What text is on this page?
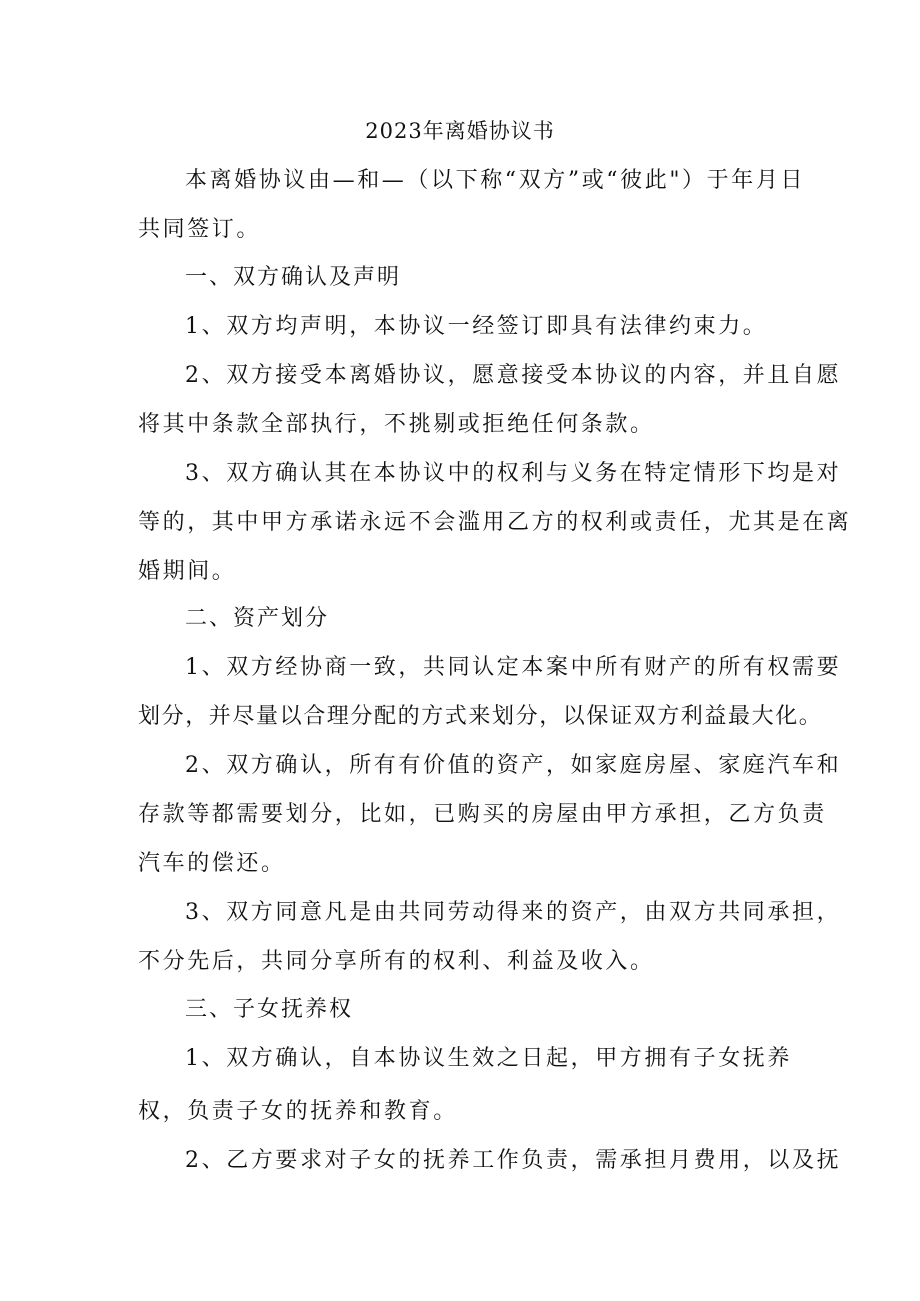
2023年离婚协议书
本离婚协议由—和—（以下称“双方”或“彼此"）于年月日
共同签订。
一、双方确认及声明
1、双方均声明，本协议一经签订即具有法律约束力。
2、双方接受本离婚协议，愿意接受本协议的内容，并且自愿
将其中条款全部执行，不挑剔或拒绝任何条款。
3、双方确认其在本协议中的权利与义务在特定情形下均是对
等的，其中甲方承诺永远不会滥用乙方的权利或责任，尤其是在离
婚期间。
二、资产划分
1、双方经协商一致，共同认定本案中所有财产的所有权需要
划分，并尽量以合理分配的方式来划分，以保证双方利益最大化。
2、双方确认，所有有价值的资产，如家庭房屋、家庭汽车和
存款等都需要划分，比如，已购买的房屋由甲方承担，乙方负责
汽车的偿还。
3、双方同意凡是由共同劳动得来的资产，由双方共同承担，
不分先后，共同分享所有的权利、利益及收入。
三、子女抚养权
1、双方确认，自本协议生效之日起，甲方拥有子女抚养
权，负责子女的抚养和教育。
2、乙方要求对子女的抚养工作负责，需承担月费用，以及抚
